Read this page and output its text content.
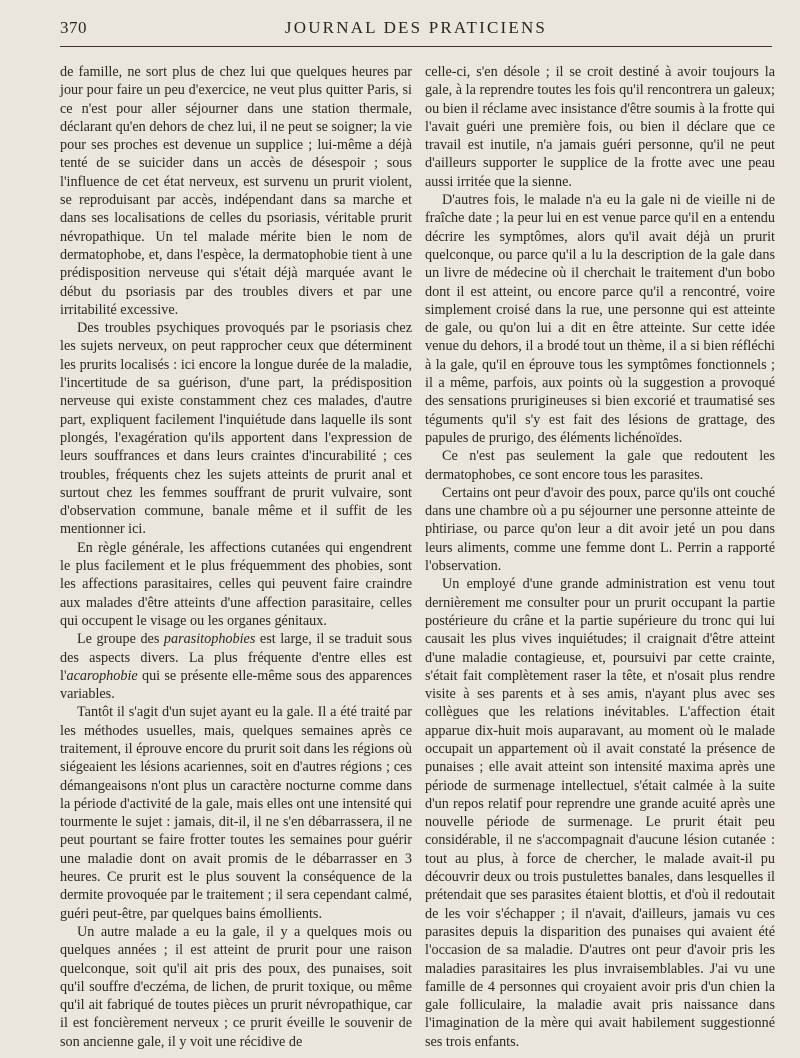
370	JOURNAL DES PRATICIENS

de famille, ne sort plus de chez lui que quelques heures par jour pour faire un peu d'exercice, ne veut plus quitter Paris, si ce n'est pour aller séjourner dans une station thermale, déclarant qu'en dehors de chez lui, il ne peut se soigner; la vie pour ses proches est devenue un supplice ; lui-même a déjà tenté de se suicider dans un accès de désespoir ; sous l'influence de cet état nerveux, est survenu un prurit violent, se reproduisant par accès, indépendant dans sa marche et dans ses localisations de celles du psoriasis, véritable prurit névropathique. Un tel malade mérite bien le nom de dermatophobe, et, dans l'espèce, la dermatophobie tient à une prédisposition nerveuse qui s'était déjà marquée avant le début du psoriasis par des troubles divers et par une irritabilité excessive.

Des troubles psychiques provoqués par le psoriasis chez les sujets nerveux, on peut rapprocher ceux que déterminent les prurits localisés : ici encore la longue durée de la maladie, l'incertitude de sa guérison, d'une part, la prédisposition nerveuse qui existe constamment chez ces malades, d'autre part, expliquent facilement l'inquiétude dans laquelle ils sont plongés, l'exagération qu'ils apportent dans l'expression de leurs souffrances et dans leurs craintes d'incurabilité ; ces troubles, fréquents chez les sujets atteints de prurit anal et surtout chez les femmes souffrant de prurit vulvaire, sont d'observation commune, banale même et il suffit de les mentionner ici.

En règle générale, les affections cutanées qui engendrent le plus facilement et le plus fréquemment des phobies, sont les affections parasitaires, celles qui peuvent faire craindre aux malades d'être atteints d'une affection parasitaire, celles qui occupent le visage ou les organes génitaux.

Le groupe des parasitophobies est large, il se traduit sous des aspects divers. La plus fréquente d'entre elles est l'acarophobie qui se présente elle-même sous des apparences variables.

Tantôt il s'agit d'un sujet ayant eu la gale. Il a été traité par les méthodes usuelles, mais, quelques semaines après ce traitement, il éprouve encore du prurit soit dans les régions où siégeaient les lésions acariennes, soit en d'autres régions ; ces démangeaisons n'ont plus un caractère nocturne comme dans la période d'activité de la gale, mais elles ont une intensité qui tourmente le sujet : jamais, dit-il, il ne s'en débarrassera, il ne peut pourtant se faire frotter toutes les semaines pour guérir une maladie dont on avait promis de le débarrasser en 3 heures. Ce prurit est le plus souvent la conséquence de la dermite provoquée par le traitement ; il sera cependant calmé, guéri peut-être, par quelques bains émollients.

Un autre malade a eu la gale, il y a quelques mois ou quelques années ; il est atteint de prurit pour une raison quelconque, soit qu'il ait pris des poux, des punaises, soit qu'il souffre d'eczéma, de lichen, de prurit toxique, ou même qu'il ait fabriqué de toutes pièces un prurit névropathique, car il est foncièrement nerveux ; ce prurit éveille le souvenir de son ancienne gale, il y voit une récidive de

celle-ci, s'en désole ; il se croit destiné à avoir toujours la gale, à la reprendre toutes les fois qu'il rencontrera un galeux; ou bien il réclame avec insistance d'être soumis à la frotte qui l'avait guéri une première fois, ou bien il déclare que ce travail est inutile, n'a jamais guéri personne, qu'il ne peut d'ailleurs supporter le supplice de la frotte avec une peau aussi irritée que la sienne.

D'autres fois, le malade n'a eu la gale ni de vieille ni de fraîche date ; la peur lui en est venue parce qu'il en a entendu décrire les symptômes, alors qu'il avait déjà un prurit quelconque, ou parce qu'il a lu la description de la gale dans un livre de médecine où il cherchait le traitement d'un bobo dont il est atteint, ou encore parce qu'il a rencontré, voire simplement croisé dans la rue, une personne qui est atteinte de gale, ou qu'on lui a dit en être atteinte. Sur cette idée venue du dehors, il a brodé tout un thème, il a si bien réfléchi à la gale, qu'il en éprouve tous les symptômes fonctionnels ; il a même, parfois, aux points où la suggestion a provoqué des sensations prurigineuses si bien excorié et traumatisé ses téguments qu'il s'y est fait des lésions de grattage, des papules de prurigo, des éléments lichénoïdes.

Ce n'est pas seulement la gale que redoutent les dermatophobes, ce sont encore tous les parasites.

Certains ont peur d'avoir des poux, parce qu'ils ont couché dans une chambre où a pu séjourner une personne atteinte de phtiriase, ou parce qu'on leur a dit avoir jeté un pou dans leurs aliments, comme une femme dont L. Perrin a rapporté l'observation.

Un employé d'une grande administration est venu tout dernièrement me consulter pour un prurit occupant la partie postérieure du crâne et la partie supérieure du tronc qui lui causait les plus vives inquiétudes; il craignait d'être atteint d'une maladie contagieuse, et, poursuivi par cette crainte, s'était fait complètement raser la tête, et n'osait plus rendre visite à ses parents et à ses amis, n'ayant plus avec ses collègues que les relations inévitables. L'affection était apparue dix-huit mois auparavant, au moment où le malade occupait un appartement où il avait constaté la présence de punaises ; elle avait atteint son intensité maxima après une période de surmenage intellectuel, s'était calmée à la suite d'un repos relatif pour reprendre une grande acuité après une nouvelle période de surmenage. Le prurit était peu considérable, il ne s'accompagnait d'aucune lésion cutanée : tout au plus, à force de chercher, le malade avait-il pu découvrir deux ou trois pustulettes banales, dans lesquelles il prétendait que ses parasites étaient blottis, et d'où il redoutait de les voir s'échapper ; il n'avait, d'ailleurs, jamais vu ces parasites depuis la disparition des punaises qui avaient été l'occasion de sa maladie. D'autres ont peur d'avoir pris les maladies parasitaires les plus invraisemblables. J'ai vu une famille de 4 personnes qui croyaient avoir pris d'un chien la gale folliculaire, la maladie avait pris naissance dans l'imagination de la mère qui avait habilement suggestionné ses trois enfants.
